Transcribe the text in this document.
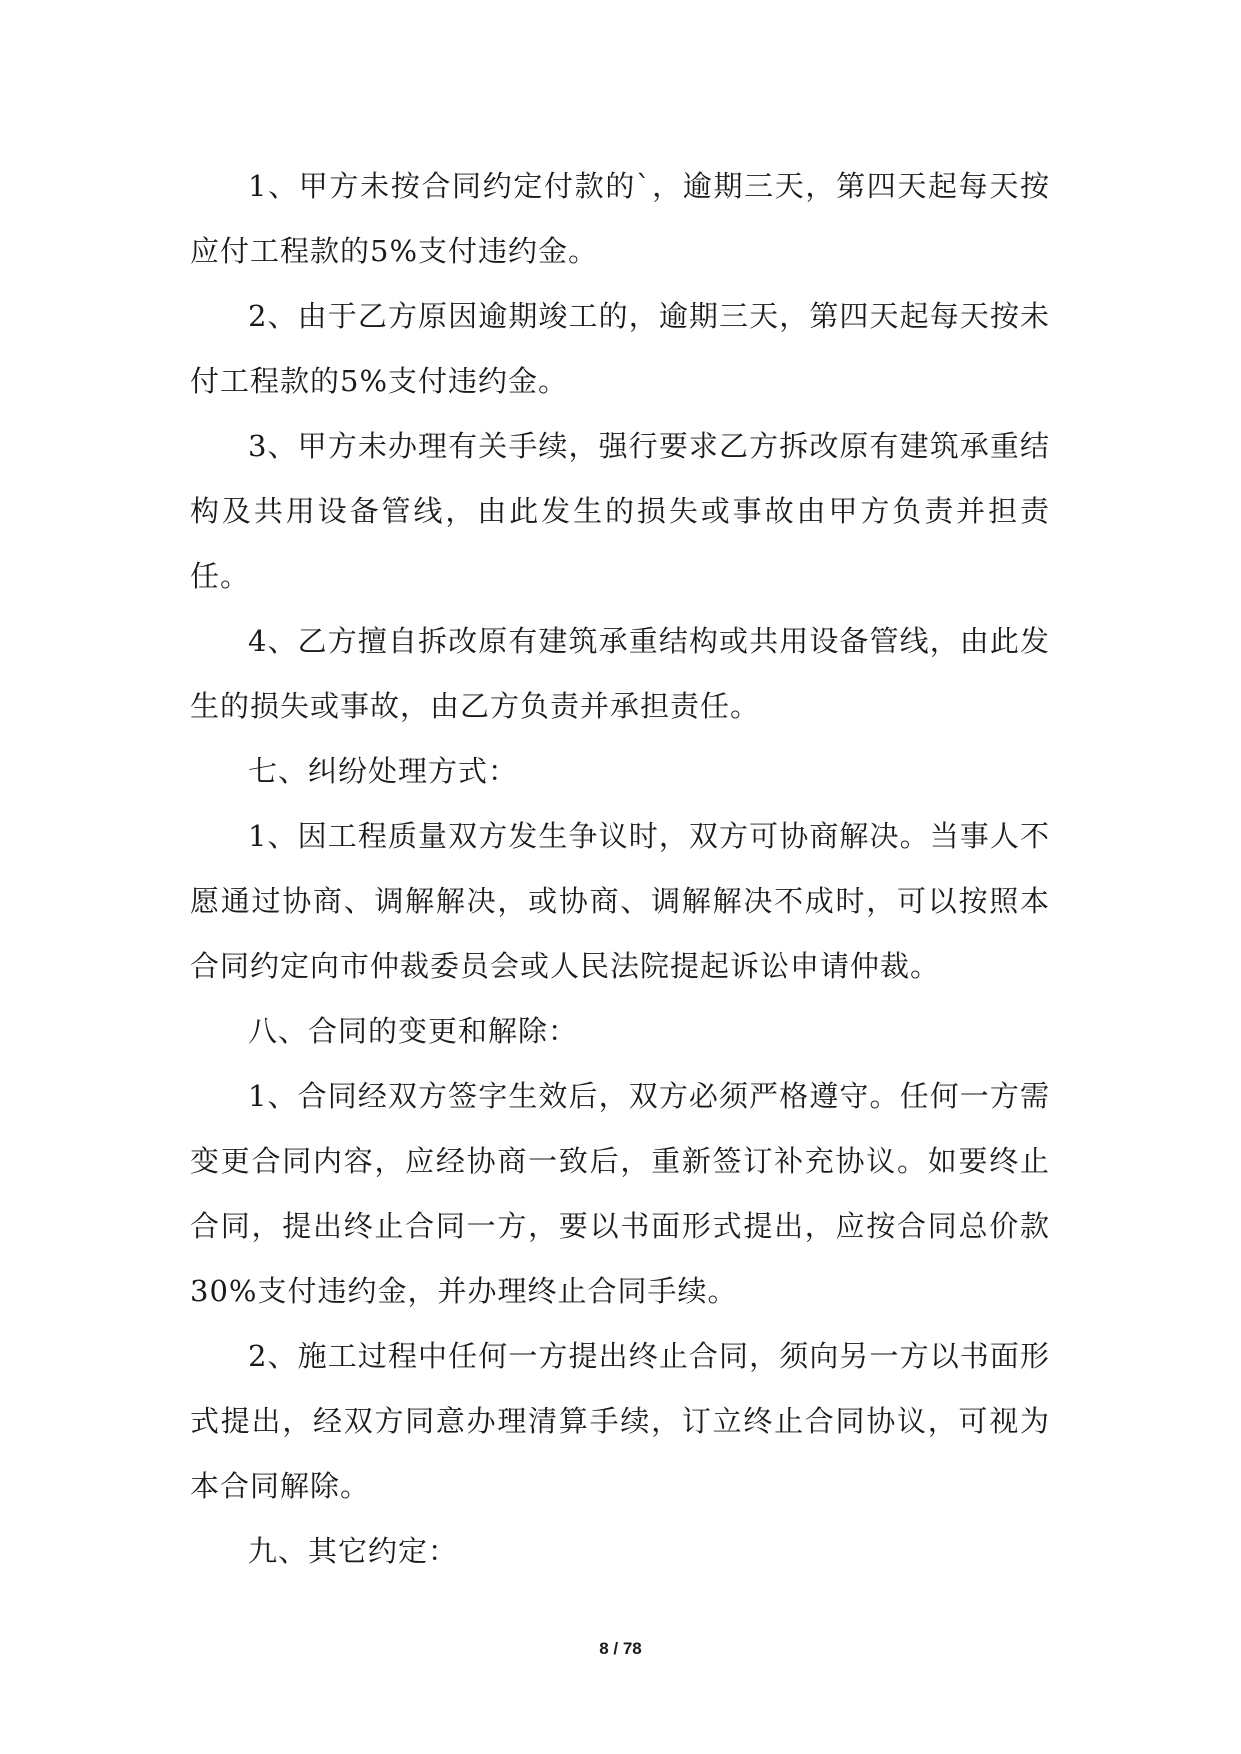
1、甲方未按合同约定付款的`，逾期三天，第四天起每天按应付工程款的5%支付违约金。

2、由于乙方原因逾期竣工的，逾期三天，第四天起每天按未付工程款的5%支付违约金。

3、甲方未办理有关手续，强行要求乙方拆改原有建筑承重结构及共用设备管线，由此发生的损失或事故由甲方负责并担责任。

4、乙方擅自拆改原有建筑承重结构或共用设备管线，由此发生的损失或事故，由乙方负责并承担责任。

七、纠纷处理方式：

1、因工程质量双方发生争议时，双方可协商解决。当事人不愿通过协商、调解解决，或协商、调解解决不成时，可以按照本合同约定向市仲裁委员会或人民法院提起诉讼申请仲裁。

八、合同的变更和解除：

1、合同经双方签字生效后，双方必须严格遵守。任何一方需变更合同内容，应经协商一致后，重新签订补充协议。如要终止合同，提出终止合同一方，要以书面形式提出，应按合同总价款 30%支付违约金，并办理终止合同手续。

2、施工过程中任何一方提出终止合同，须向另一方以书面形式提出，经双方同意办理清算手续，订立终止合同协议，可视为本合同解除。

九、其它约定：

8 / 78
